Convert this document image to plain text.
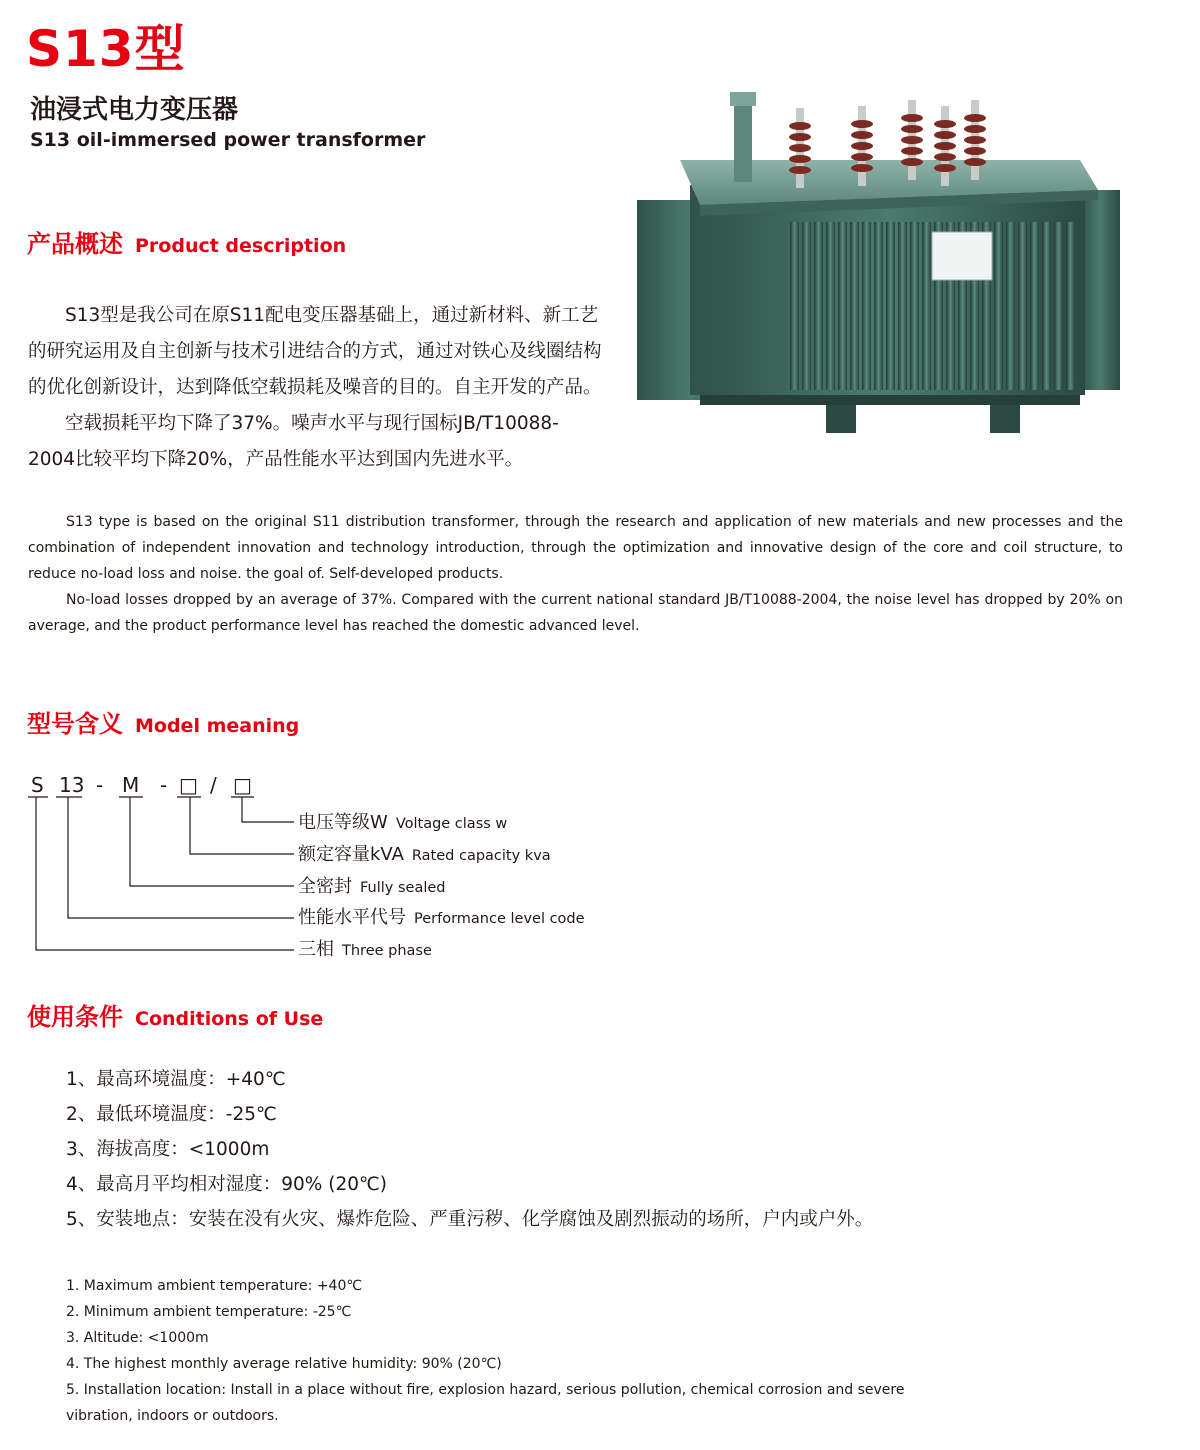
S13型
油浸式电力变压器
S13 oil-immersed power transformer
产品概述 Product description

S13型是我公司在原S11配电变压器基础上，通过新材料、新工艺

的研究运用及自主创新与技术引进结合的方式，通过对铁心及线圈结构

的优化创新设计，达到降低空载损耗及噪音的目的。自主开发的产品。

空载损耗平均下降了37%。噪声水平与现行国标JB/T10088-

2004比较平均下降20%，产品性能水平达到国内先进水平。

S13 type is based on the original S11 distribution transformer, through the research and application of new materials and new processes and the combination of independent innovation and technology introduction, through the optimization and innovative design of the core and coil structure, to reduce no-load loss and noise. the goal of. Self-developed products.

No-load losses dropped by an average of 37%. Compared with the current national standard JB/T10088-2004, the noise level has dropped by 20% on average, and the product performance level has reached the domestic advanced level.

型号含义 Model meaning
S 13 - M - □ / □
电压等级W Voltage class w
额定容量kVA Rated capacity kva
全密封 Fully sealed
性能水平代号 Performance level code
三相 Three phase
使用条件 Conditions of Use
1、最高环境温度：+40℃
2、最低环境温度：-25℃
3、海拔高度：<1000m
4、最高月平均相对湿度：90% (20℃)
5、安装地点：安装在没有火灾、爆炸危险、严重污秽、化学腐蚀及剧烈振动的场所，户内或户外。
1. Maximum ambient temperature: +40℃
2. Minimum ambient temperature: -25℃
3. Altitude: <1000m
4. The highest monthly average relative humidity: 90% (20℃)
5. Installation location: Install in a place without fire, explosion hazard, serious pollution, chemical corrosion and severe
vibration, indoors or outdoors.
